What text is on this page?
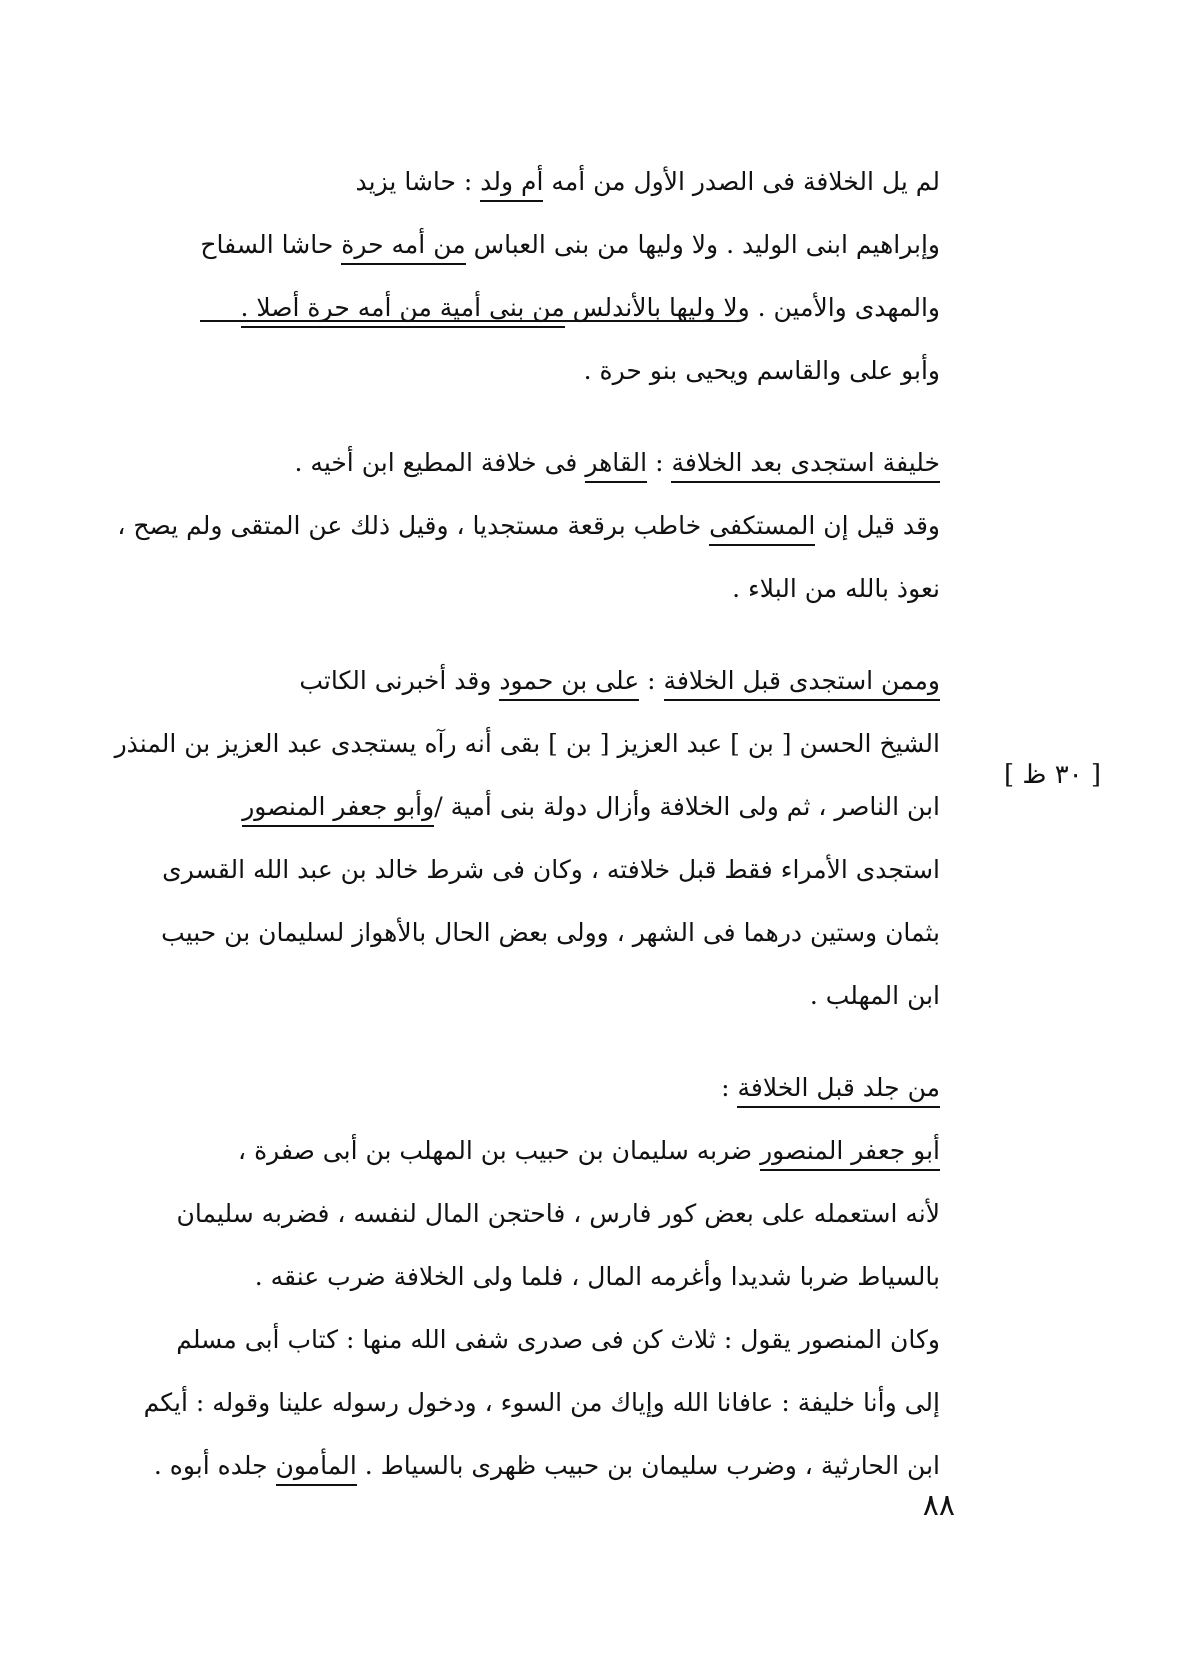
لم يل الخلافة فى الصدر الأول من أمه أم ولد : حاشا يزيد
وإبراهيم ابنى الوليد . ولا وليها من بنى العباس من أمه حرة حاشا السفاح
والمهدى والأمين . ولا وليها بالأندلس من بنى أمية من أمه حرة أصلا .
وأبو على والقاسم ويحيى بنو حرة .
خليفة استجدى بعد الخلافة : القاهر فى خلافة المطيع ابن أخيه .
وقد قيل إن المستكفى خاطب برقعة مستجديا ، وقيل ذلك عن المتقى ولم يصح ،
نعوذ بالله من البلاء .
وممن استجدى قبل الخلافة : على بن حمود وقد أخبرنى الكاتب
الشيخ الحسن [ بن ] عبد العزيز [ بن ] بقى أنه رآه يستجدى عبد العزيز بن المنذر
ابن الناصر ، ثم ولى الخلافة وأزال دولة بنى أمية /وأبو جعفر المنصور
استجدى الأمراء فقط قبل خلافته ، وكان فى شرط خالد بن عبد الله القسرى
بثمان وستين درهما فى الشهر ، وولى بعض الحال بالأهواز لسليمان بن حبيب
ابن المهلب .
من جلد قبل الخلافة :
أبو جعفر المنصور ضربه سليمان بن حبيب بن المهلب بن أبى صفرة ،
لأنه استعمله على بعض كور فارس ، فاحتجن المال لنفسه ، فضربه سليمان
بالسياط ضربا شديدا وأغرمه المال ، فلما ولى الخلافة ضرب عنقه .
وكان المنصور يقول : ثلاث كن فى صدرى شفى الله منها : كتاب أبى مسلم
إلى وأنا خليفة : عافانا الله وإياك من السوء ، ودخول رسوله علينا وقوله : أيكم
ابن الحارثية ، وضرب سليمان بن حبيب ظهرى بالسياط . المأمون جلده أبوه .
[ ٣٠ ظ ]
٨٨
